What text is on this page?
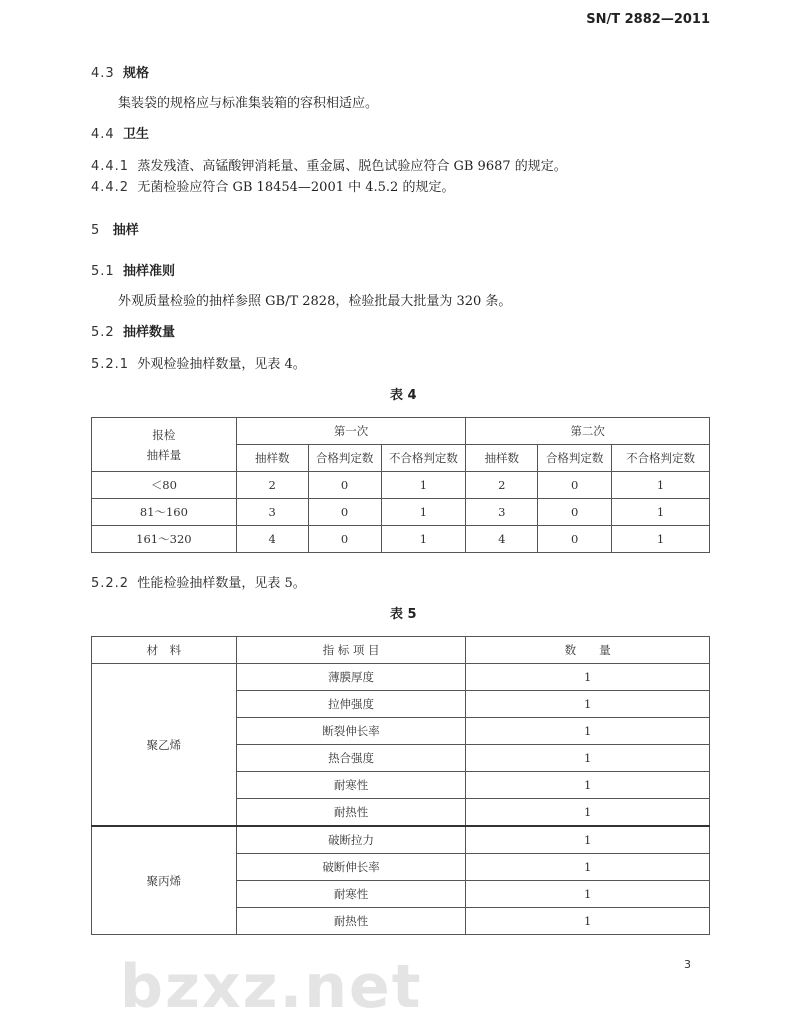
bzxz.net
SN/T 2882—2011
4.3 规格
集装袋的规格应与标准集装箱的容积相适应。
4.4 卫生
4.4.1 蒸发残渣、高锰酸钾消耗量、重金属、脱色试验应符合 GB 9687 的规定。
4.4.2 无菌检验应符合 GB 18454—2001 中 4.5.2 的规定。
5 抽样
5.1 抽样准则
外观质量检验的抽样参照 GB/T 2828，检验批最大批量为 320 条。
5.2 抽样数量
5.2.1 外观检验抽样数量，见表 4。
表 4
报检
抽样量	第一次			第二次		
	抽样数	合格判定数	不合格判定数	抽样数	合格判定数	不合格判定数
＜80	2	0	1	2	0	1
81～160	3	0	1	3	0	1
161～320	4	0	1	4	0	1
5.2.2 性能检验抽样数量，见表 5。
表 5
材　料	指 标 项 目	数　　量
聚乙烯	薄膜厚度	1
	拉伸强度	1
	断裂伸长率	1
	热合强度	1
	耐寒性	1
	耐热性	1
聚丙烯	破断拉力	1
	破断伸长率	1
	耐寒性	1
	耐热性	1
3
